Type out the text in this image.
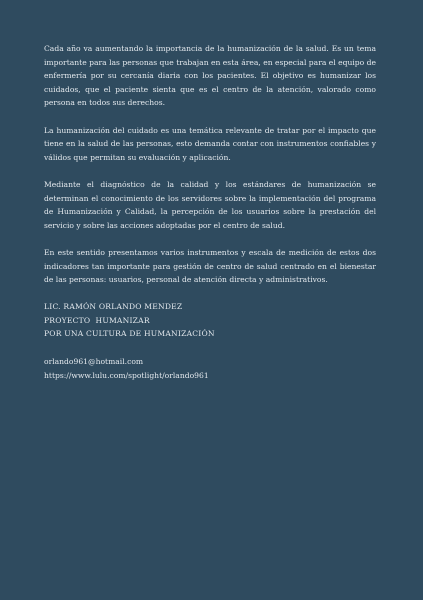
Cada año va aumentando la importancia de la humanización de la salud. Es un tema importante para las personas que trabajan en esta área, en especial para el equipo de enfermería por su cercanía diaria con los pacientes. El objetivo es humanizar los cuidados, que el paciente sienta que es el centro de la atención, valorado como persona en todos sus derechos.

La humanización del cuidado es una temática relevante de tratar por el impacto que tiene en la salud de las personas, esto demanda contar con instrumentos confiables y válidos que permitan su evaluación y aplicación.

Mediante el diagnóstico de la calidad y los estándares de humanización se determinan el conocimiento de los servidores sobre la implementación del programa de Humanización y Calidad, la percepción de los usuarios sobre la prestación del servicio y sobre las acciones adoptadas por el centro de salud.

En este sentido presentamos varios instrumentos y escala de medición de estos dos indicadores tan importante para gestión de centro de salud centrado en el bienestar de las personas: usuarios, personal de atención directa y administrativos.

LIC. RAMÓN ORLANDO MENDEZ

PROYECTO  HUMANIZAR

POR UNA CULTURA DE HUMANIZACIÓN

orlando961@hotmail.com

https://www.lulu.com/spotlight/orlando961
